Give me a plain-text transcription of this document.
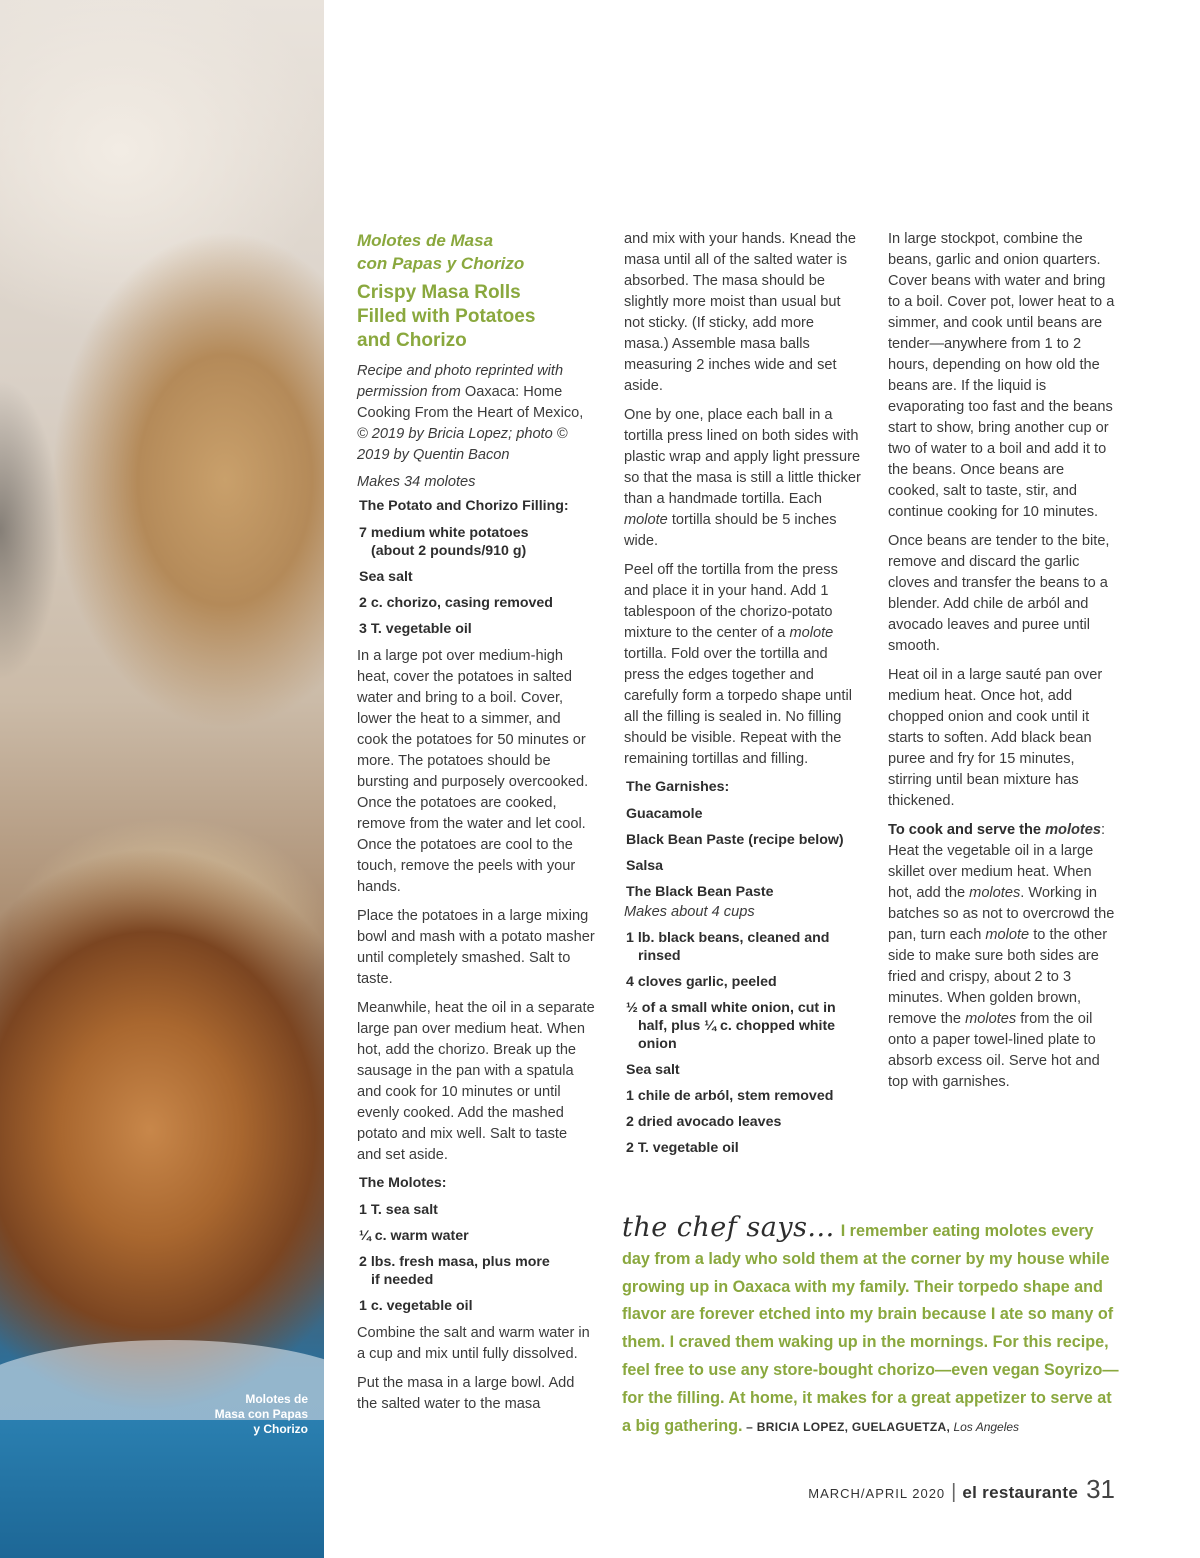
Molotes de
Masa con Papas
y Chorizo
Molotes de Masa
con Papas y Chorizo
Crispy Masa Rolls
Filled with Potatoes
and Chorizo
Recipe and photo reprinted with permission from Oaxaca: Home Cooking From the Heart of Mexico, © 2019 by Bricia Lopez; photo © 2019 by Quentin Bacon
Makes 34 molotes
The Potato and Chorizo Filling:
7 medium white potatoes
(about 2 pounds/910 g)
Sea salt
2 c. chorizo, casing removed
3 T. vegetable oil
In a large pot over medium-high heat, cover the potatoes in salted water and bring to a boil. Cover, lower the heat to a simmer, and cook the potatoes for 50 minutes or more. The potatoes should be bursting and purposely overcooked. Once the potatoes are cooked, remove from the water and let cool. Once the potatoes are cool to the touch, remove the peels with your hands.
Place the potatoes in a large mixing bowl and mash with a potato masher until completely smashed. Salt to taste.
Meanwhile, heat the oil in a separate large pan over medium heat. When hot, add the chorizo. Break up the sausage in the pan with a spatula and cook for 10 minutes or until evenly cooked. Add the mashed potato and mix well. Salt to taste and set aside.
The Molotes:
1 T. sea salt
¼ c. warm water
2 lbs. fresh masa, plus more
if needed
1 c. vegetable oil
Combine the salt and warm water in a cup and mix until fully dissolved.
Put the masa in a large bowl. Add the salted water to the masa
and mix with your hands. Knead the masa until all of the salted water is absorbed. The masa should be slightly more moist than usual but not sticky. (If sticky, add more masa.) Assemble masa balls measuring 2 inches wide and set aside.
One by one, place each ball in a tortilla press lined on both sides with plastic wrap and apply light pressure so that the masa is still a little thicker than a handmade tortilla. Each molote tortilla should be 5 inches wide.
Peel off the tortilla from the press and place it in your hand. Add 1 tablespoon of the chorizo-potato mixture to the center of a molote tortilla. Fold over the tortilla and press the edges together and carefully form a torpedo shape until all the filling is sealed in. No filling should be visible. Repeat with the remaining tortillas and filling.
The Garnishes:
Guacamole
Black Bean Paste (recipe below)
Salsa
The Black Bean Paste
Makes about 4 cups
1 lb. black beans, cleaned and
rinsed
4 cloves garlic, peeled
½ of a small white onion, cut in
half, plus ¼ c. chopped white onion
Sea salt
1 chile de arból, stem removed
2 dried avocado leaves
2 T. vegetable oil
In large stockpot, combine the beans, garlic and onion quarters. Cover beans with water and bring to a boil. Cover pot, lower heat to a simmer, and cook until beans are tender—anywhere from 1 to 2 hours, depending on how old the beans are. If the liquid is evaporating too fast and the beans start to show, bring another cup or two of water to a boil and add it to the beans. Once beans are cooked, salt to taste, stir, and continue cooking for 10 minutes.
Once beans are tender to the bite, remove and discard the garlic cloves and transfer the beans to a blender. Add chile de arból and avocado leaves and puree until smooth.
Heat oil in a large sauté pan over medium heat. Once hot, add chopped onion and cook until it starts to soften. Add black bean puree and fry for 15 minutes, stirring until bean mixture has thickened.
To cook and serve the molotes: Heat the vegetable oil in a large skillet over medium heat. When hot, add the molotes. Working in batches so as not to overcrowd the pan, turn each molote to the other side to make sure both sides are fried and crispy, about 2 to 3 minutes. When golden brown, remove the molotes from the oil onto a paper towel-lined plate to absorb excess oil. Serve hot and top with garnishes.
the chef says... I remember eating molotes every day from a lady who sold them at the corner by my house while growing up in Oaxaca with my family. Their torpedo shape and flavor are forever etched into my brain because I ate so many of them. I craved them waking up in the mornings. For this recipe, feel free to use any store-bought chorizo—even vegan Soyrizo—for the filling. At home, it makes for a great appetizer to serve at a big gathering. – BRICIA LOPEZ, GUELAGUETZA, Los Angeles
MARCH/APRIL 2020 | el restaurante 31
